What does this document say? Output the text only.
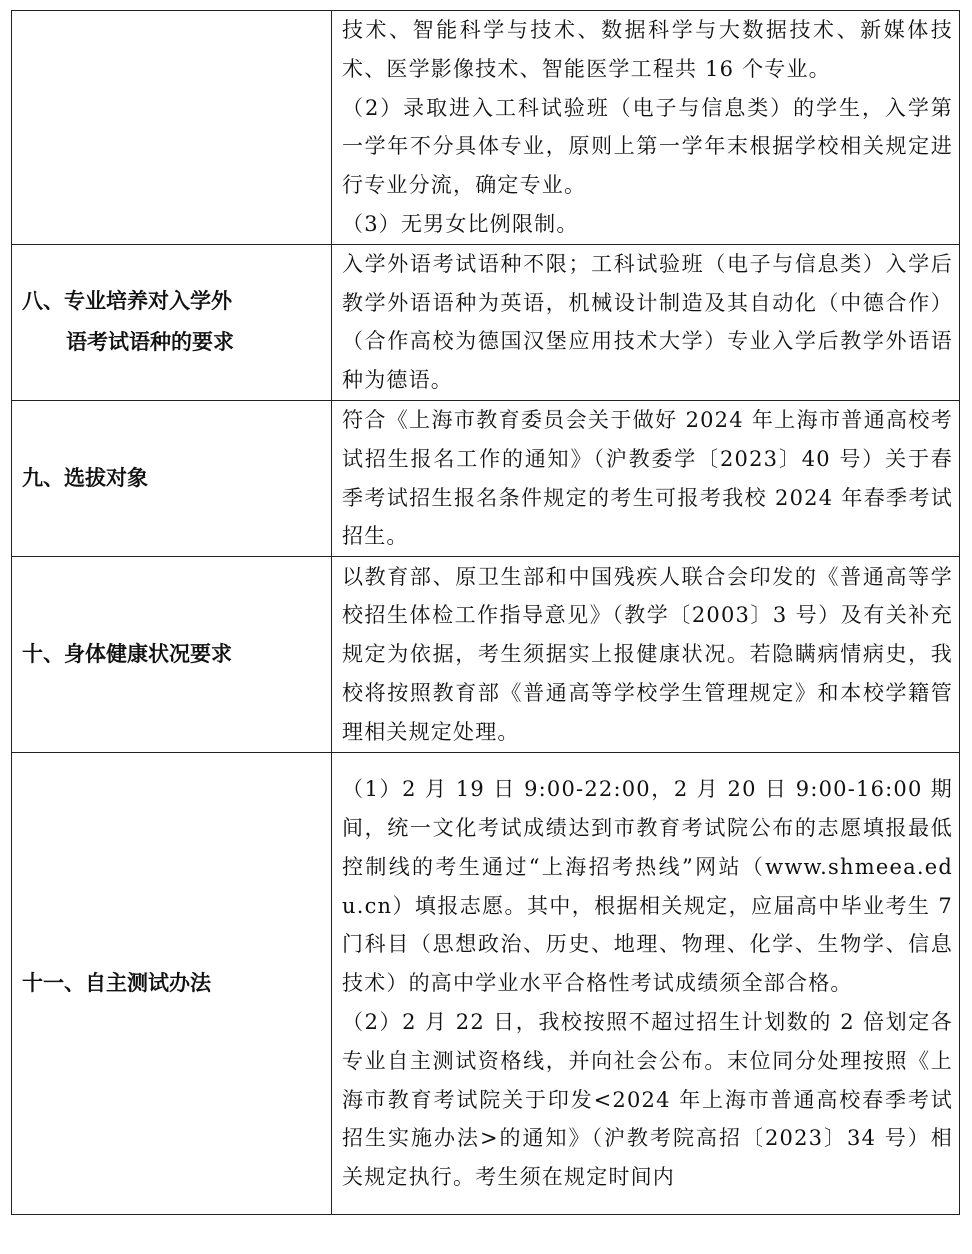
	技术、智能科学与技术、数据科学与大数据技术、新媒体技术、医学影像技术、智能医学工程共 16 个专业。

（2）录取进入工科试验班（电子与信息类）的学生，入学第一学年不分具体专业，原则上第一学年末根据学校相关规定进行专业分流，确定专业。

（3）无男女比例限制。

八、专业培养对入学外
语考试语种的要求	入学外语考试语种不限；工科试验班（电子与信息类）入学后教学外语语种为英语，机械设计制造及其自动化（中德合作）（合作高校为德国汉堡应用技术大学）专业入学后教学外语语种为德语。

九、选拔对象	符合《上海市教育委员会关于做好 2024 年上海市普通高校考试招生报名工作的通知》（沪教委学〔2023〕40 号）关于春季考试招生报名条件规定的考生可报考我校 2024 年春季考试招生。

十、身体健康状况要求	以教育部、原卫生部和中国残疾人联合会印发的《普通高等学校招生体检工作指导意见》（教学〔2003〕3 号）及有关补充规定为依据，考生须据实上报健康状况。若隐瞒病情病史，我校将按照教育部《普通高等学校学生管理规定》和本校学籍管理相关规定处理。

十一、自主测试办法	（1）2 月 19 日 9:00-22:00，2 月 20 日 9:00-16:00 期间，统一文化考试成绩达到市教育考试院公布的志愿填报最低控制线的考生通过“上海招考热线”网站（www.shmeea.edu.cn）填报志愿。其中，根据相关规定，应届高中毕业考生 7 门科目（思想政治、历史、地理、物理、化学、生物学、信息技术）的高中学业水平合格性考试成绩须全部合格。

（2）2 月 22 日，我校按照不超过招生计划数的 2 倍划定各专业自主测试资格线，并向社会公布。末位同分处理按照《上海市教育考试院关于印发<2024 年上海市普通高校春季考试招生实施办法>的通知》（沪教考院高招〔2023〕34 号）相关规定执行。考生须在规定时间内
